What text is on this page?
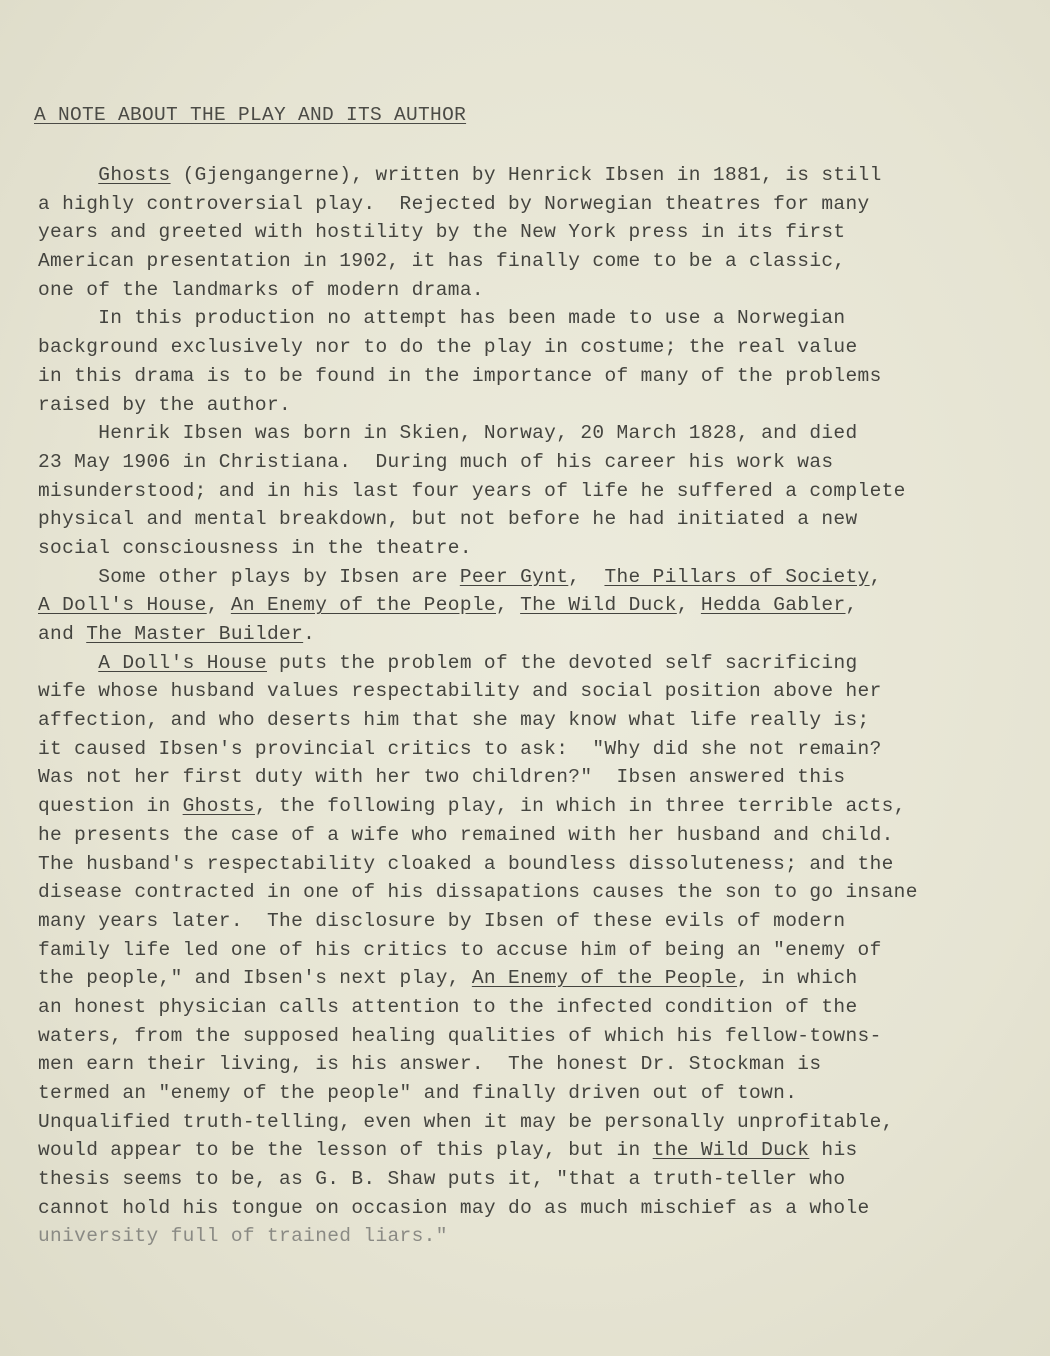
A NOTE ABOUT THE PLAY AND ITS AUTHOR
Ghosts (Gjengangerne), written by Henrick Ibsen in 1881, is still
a highly controversial play.  Rejected by Norwegian theatres for many
years and greeted with hostility by the New York press in its first
American presentation in 1902, it has finally come to be a classic,
one of the landmarks of modern drama.
In this production no attempt has been made to use a Norwegian
background exclusively nor to do the play in costume; the real value
in this drama is to be found in the importance of many of the problems
raised by the author.
Henrik Ibsen was born in Skien, Norway, 20 March 1828, and died
23 May 1906 in Christiana.  During much of his career his work was
misunderstood; and in his last four years of life he suffered a complete
physical and mental breakdown, but not before he had initiated a new
social consciousness in the theatre.
Some other plays by Ibsen are Peer Gynt,  The Pillars of Society,
A Doll's House, An Enemy of the People, The Wild Duck, Hedda Gabler,
and The Master Builder.
A Doll's House puts the problem of the devoted self sacrificing
wife whose husband values respectability and social position above her
affection, and who deserts him that she may know what life really is;
it caused Ibsen's provincial critics to ask:  "Why did she not remain?
Was not her first duty with her two children?"  Ibsen answered this
question in Ghosts, the following play, in which in three terrible acts,
he presents the case of a wife who remained with her husband and child.
The husband's respectability cloaked a boundless dissoluteness; and the
disease contracted in one of his dissapations causes the son to go insane
many years later.  The disclosure by Ibsen of these evils of modern
family life led one of his critics to accuse him of being an "enemy of
the people," and Ibsen's next play, An Enemy of the People, in which
an honest physician calls attention to the infected condition of the
waters, from the supposed healing qualities of which his fellow-towns-
men earn their living, is his answer.  The honest Dr. Stockman is
termed an "enemy of the people" and finally driven out of town.
Unqualified truth-telling, even when it may be personally unprofitable,
would appear to be the lesson of this play, but in the Wild Duck his
thesis seems to be, as G. B. Shaw puts it, "that a truth-teller who
cannot hold his tongue on occasion may do as much mischief as a whole
university full of trained liars."
